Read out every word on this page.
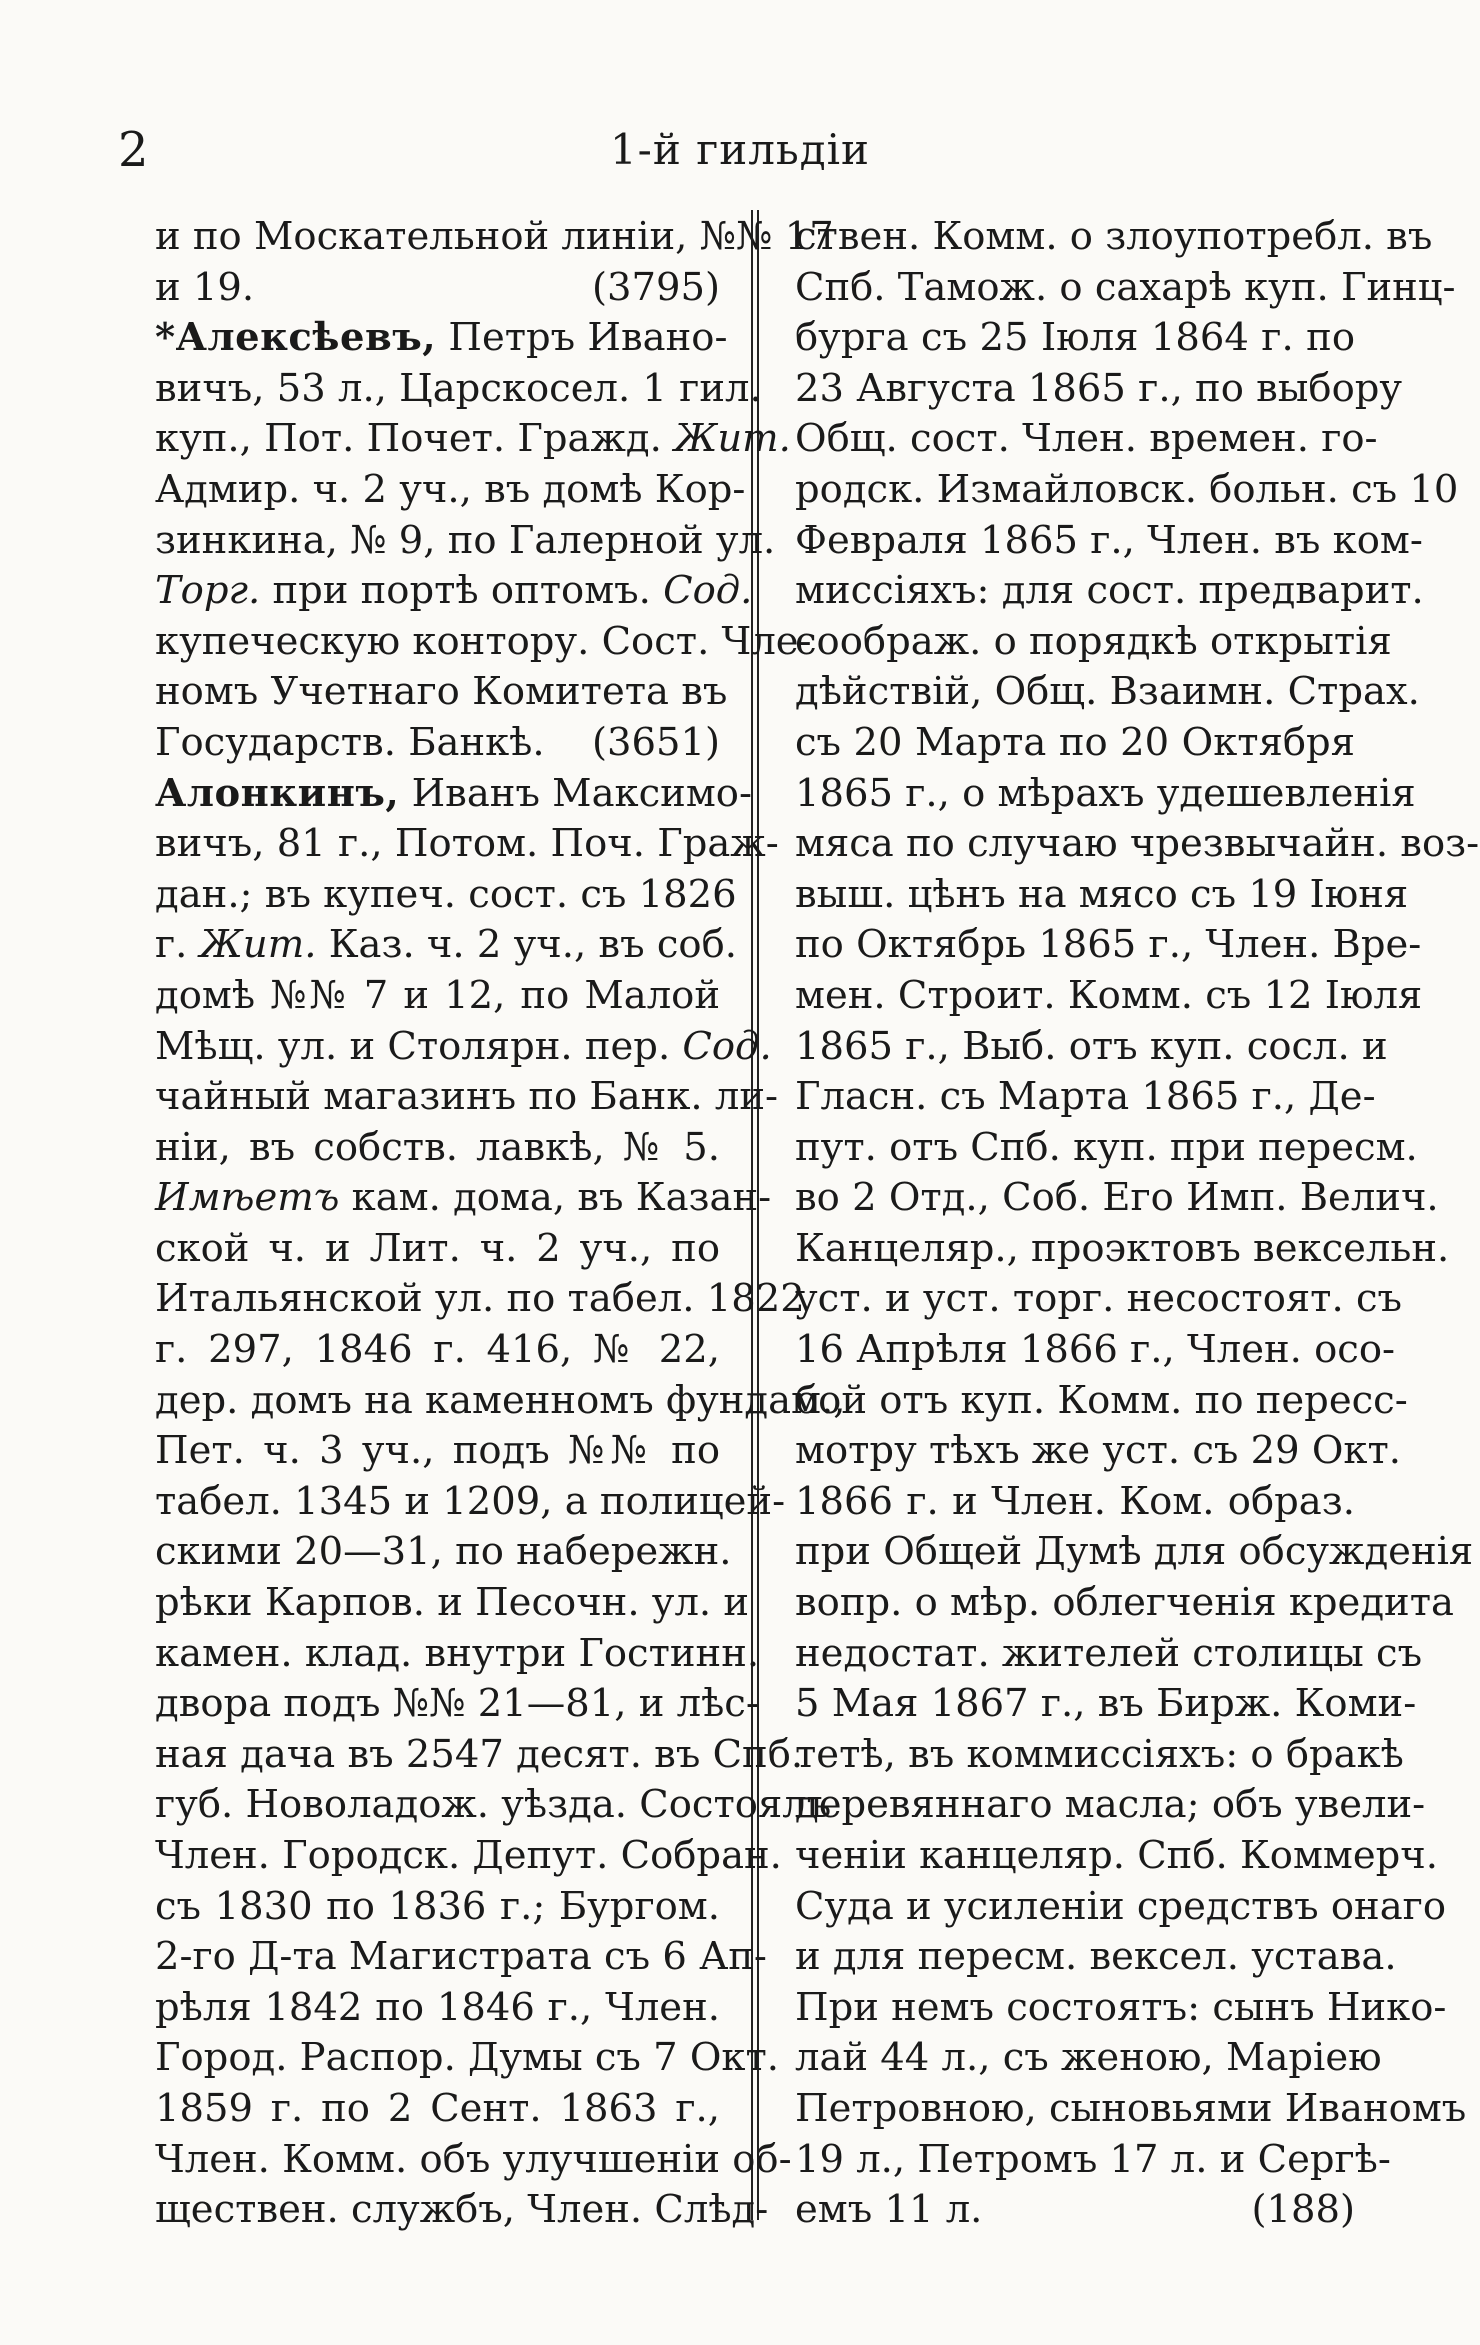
2	1-й гильдiи
и по Москательной линiи, №№ 17
и 19.	(3795)
*Алексѣевъ, Петръ Ивано-
вичъ, 53 л., Царскосел. 1 гил.
куп., Пот. Почет. Гражд. Жит.
Адмир. ч. 2 уч., въ домѣ Кор-
зинкина, № 9, по Галерной ул.
Торг. при портѣ оптомъ. Сод.
купеческую контору. Сост. Чле-
номъ Учетнаго Комитета въ
Государств. Банкѣ. (3651)
Алонкинъ, Иванъ Максимо-
вичъ, 81 г., Потом. Поч. Граж-
дан.; въ купеч. сост. съ 1826
г. Жит. Каз. ч. 2 уч., въ соб.
домѣ №№ 7 и 12, по Малой
Мѣщ. ул. и Столярн. пер. Сод.
чайный магазинъ по Банк. ли-
нiи, въ собств. лавкѣ, № 5.
Имѣетъ кам. дома, въ Казан-
ской ч. и Лит. ч. 2 уч., по
Итальянской ул. по табел. 1822
г. 297, 1846 г. 416, № 22,
дер. домъ на каменномъ фундам.,
Пет. ч. 3 уч., подъ №№ по
табел. 1345 и 1209, а полицей-
скими 20—31, по набережн.
рѣки Карпов. и Песочн. ул. и
камен. клад. внутри Гостинн.
двора подъ №№ 21—81, и лѣс-
ная дача въ 2547 десят. въ Спб.
губ. Новоладож. уѣзда. Состоялъ
Член. Городск. Депут. Собран.
съ 1830 по 1836 г.; Бургом.
2-го Д-та Магистрата съ 6 Ап-
рѣля 1842 по 1846 г., Член.
Город. Распор. Думы съ 7 Окт.
1859 г. по 2 Сент. 1863 г.,
Член. Комм. объ улучшенiи об-
ществен. службъ, Член. Слѣд-
ствен. Комм. о злоупотребл. въ
Спб. Тамож. о сахарѣ куп. Гинц-
бурга съ 25 Iюля 1864 г. по
23 Августа 1865 г., по выбору
Общ. сост. Член. времен. го-
родск. Измайловск. больн. съ 10
Февраля 1865 г., Член. въ ком-
миссiяхъ: для сост. предварит.
соображ. о порядкѣ открытiя
дѣйствiй, Общ. Взаимн. Страх.
съ 20 Марта по 20 Октября
1865 г., о мѣрахъ удешевленiя
мяса по случаю чрезвычайн. воз-
выш. цѣнъ на мясо съ 19 Iюня
по Октябрь 1865 г., Член. Вре-
мен. Строит. Комм. съ 12 Iюля
1865 г., Выб. отъ куп. сосл. и
Гласн. съ Марта 1865 г., Де-
пут. отъ Спб. куп. при пересм.
во 2 Отд., Соб. Его Имп. Велич.
Канцеляр., проэктовъ вексельн.
уст. и уст. торг. несостоят. съ
16 Апрѣля 1866 г., Член. осо-
бой отъ куп. Комм. по пересс-
мотру тѣхъ же уст. съ 29 Окт.
1866 г. и Член. Ком. образ.
при Общей Думѣ для обсужденiя
вопр. о мѣр. облегченiя кредита
недостат. жителей столицы съ
5 Мая 1867 г., въ Бирж. Коми-
тетѣ, въ коммиссiяхъ: о бракѣ
деревяннаго масла; объ увели-
ченiи канцеляр. Спб. Коммерч.
Суда и усиленiи средствъ онаго
и для пересм. вексел. устава.
При немъ состоятъ: сынъ Нико-
лай 44 л., съ женою, Марiею
Петровною, сыновьями Иваномъ
19 л., Петромъ 17 л. и Сергѣ-
емъ 11 л.	(188)
